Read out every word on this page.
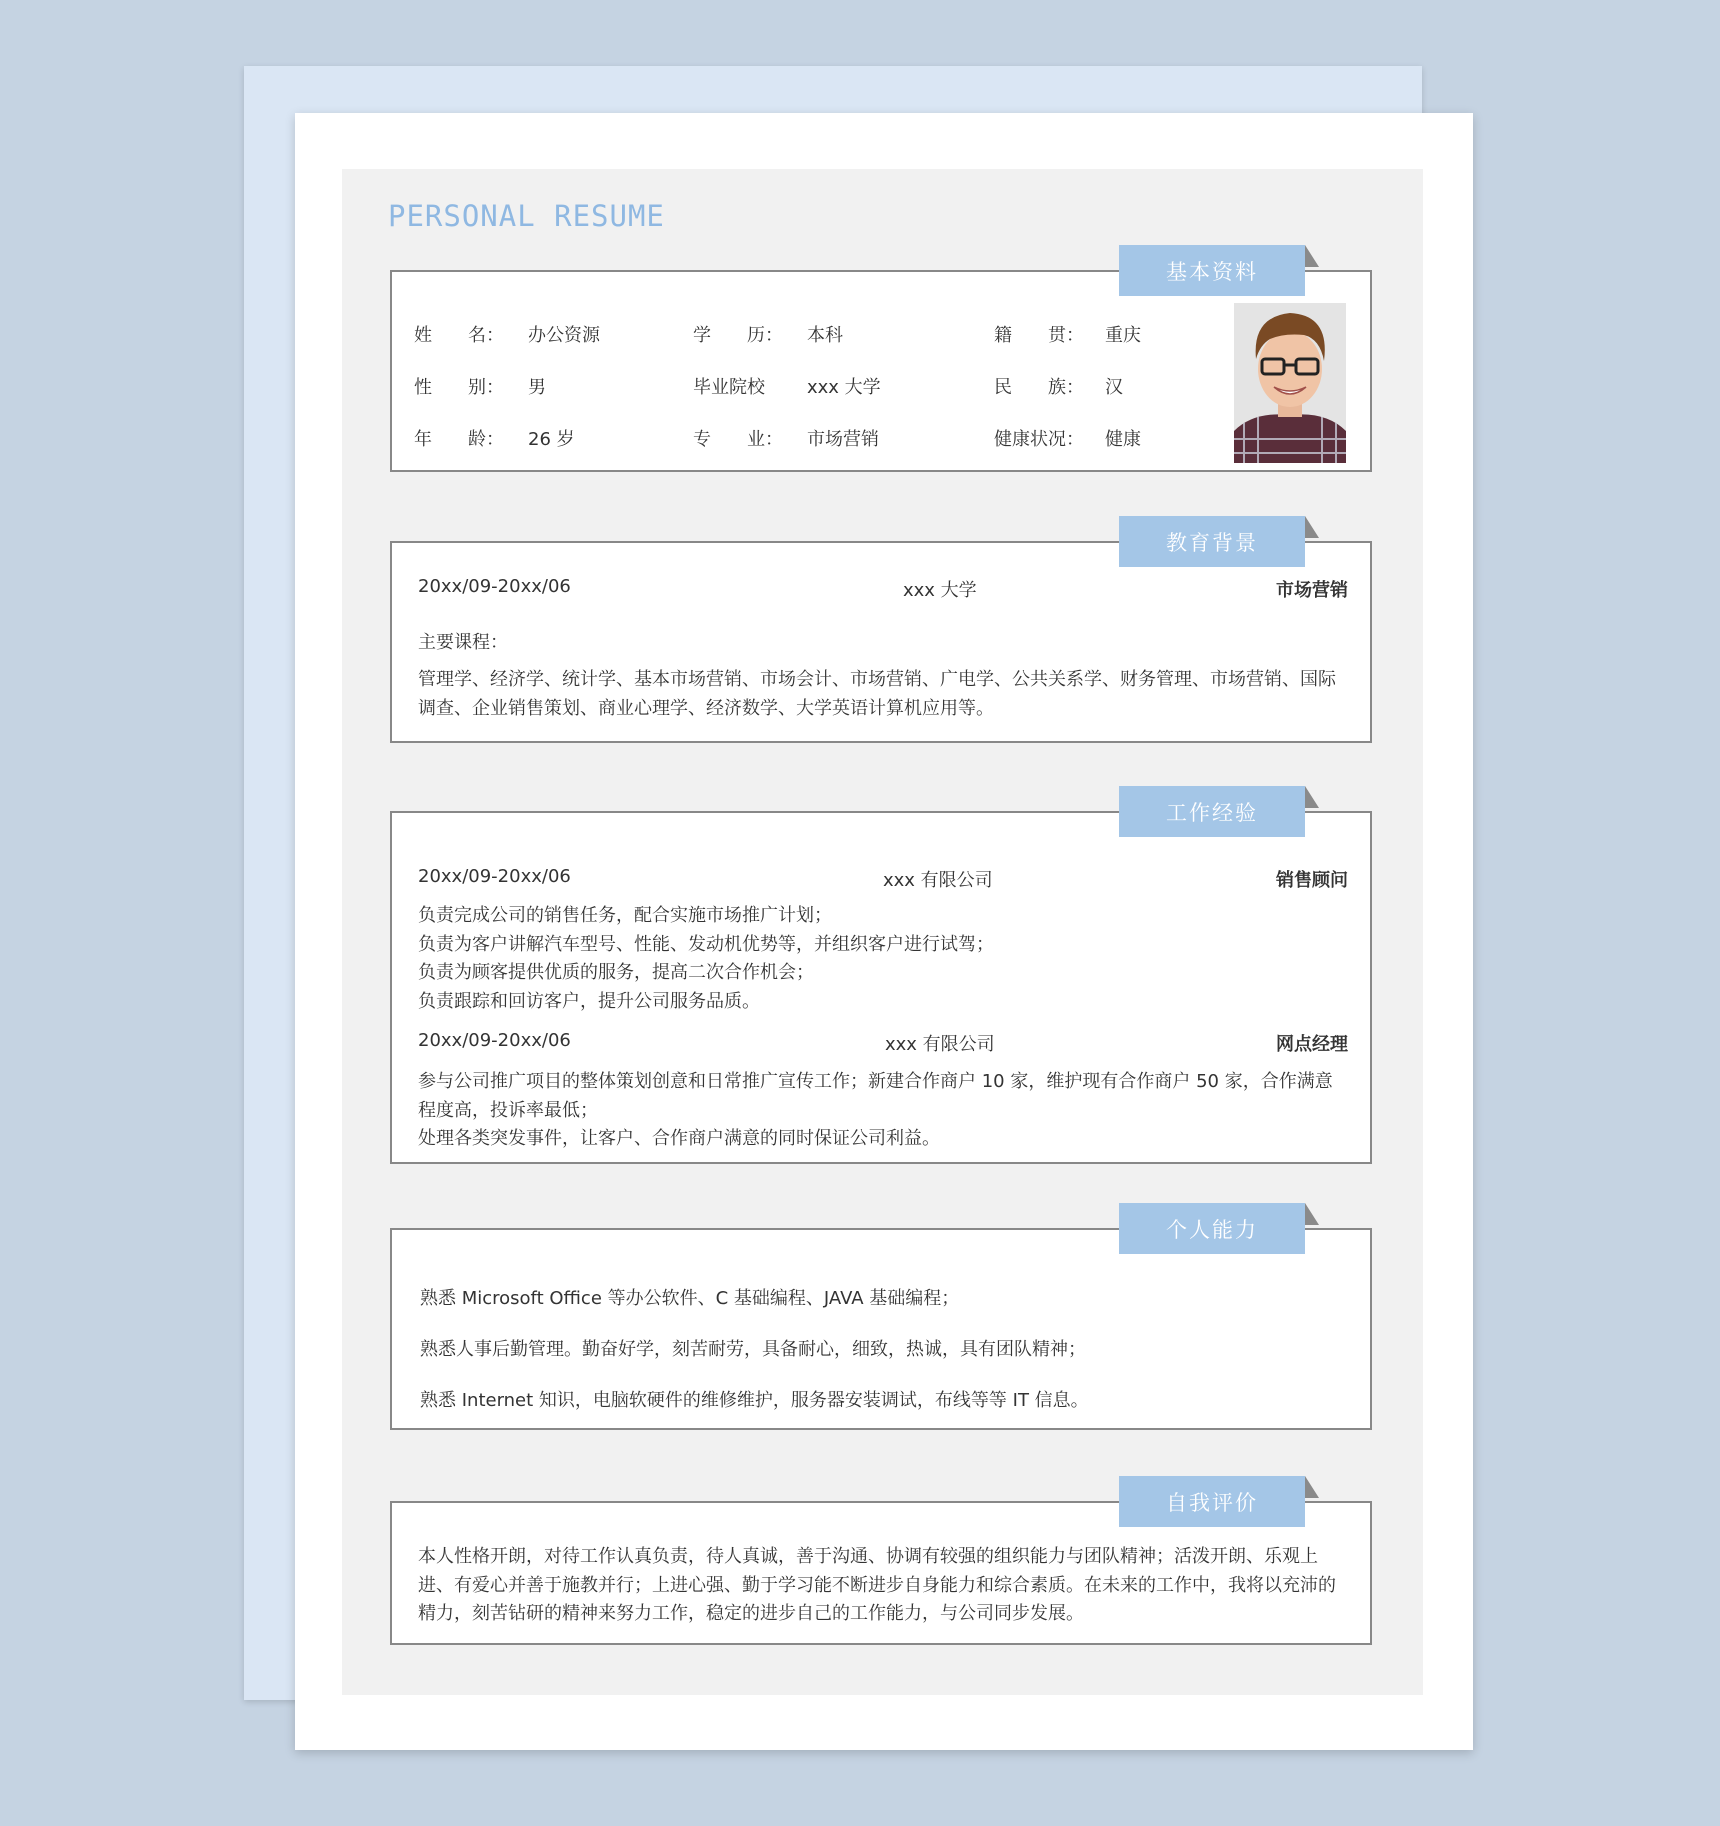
PERSONAL RESUME
基本资料
姓　　名： 办公资源	学　　历： 本科	籍　　贯： 重庆
性　　别： 男	毕业院校 xxx 大学	民　　族： 汉
年　　龄： 26 岁	专　　业： 市场营销	健康状况： 健康
教育背景
20xx/09-20xx/06	xxx 大学	市场营销
主要课程：
管理学、经济学、统计学、基本市场营销、市场会计、市场营销、广电学、公共关系学、财务管理、市场营销、国际调查、企业销售策划、商业心理学、经济数学、大学英语计算机应用等。
工作经验
20xx/09-20xx/06	xxx 有限公司	销售顾问
负责完成公司的销售任务，配合实施市场推广计划；
负责为客户讲解汽车型号、性能、发动机优势等，并组织客户进行试驾；
负责为顾客提供优质的服务，提高二次合作机会；
负责跟踪和回访客户，提升公司服务品质。
20xx/09-20xx/06	xxx 有限公司	网点经理
参与公司推广项目的整体策划创意和日常推广宣传工作；新建合作商户 10 家，维护现有合作商户 50 家，合作满意程度高，投诉率最低；
处理各类突发事件，让客户、合作商户满意的同时保证公司利益。
个人能力
熟悉 Microsoft Office 等办公软件、C 基础编程、JAVA 基础编程；
熟悉人事后勤管理。勤奋好学，刻苦耐劳，具备耐心，细致，热诚，具有团队精神；
熟悉 Internet 知识，电脑软硬件的维修维护，服务器安装调试，布线等等 IT 信息。
自我评价
本人性格开朗，对待工作认真负责，待人真诚，善于沟通、协调有较强的组织能力与团队精神；活泼开朗、乐观上进、有爱心并善于施教并行；上进心强、勤于学习能不断进步自身能力和综合素质。在未来的工作中，我将以充沛的精力，刻苦钻研的精神来努力工作，稳定的进步自己的工作能力，与公司同步发展。
